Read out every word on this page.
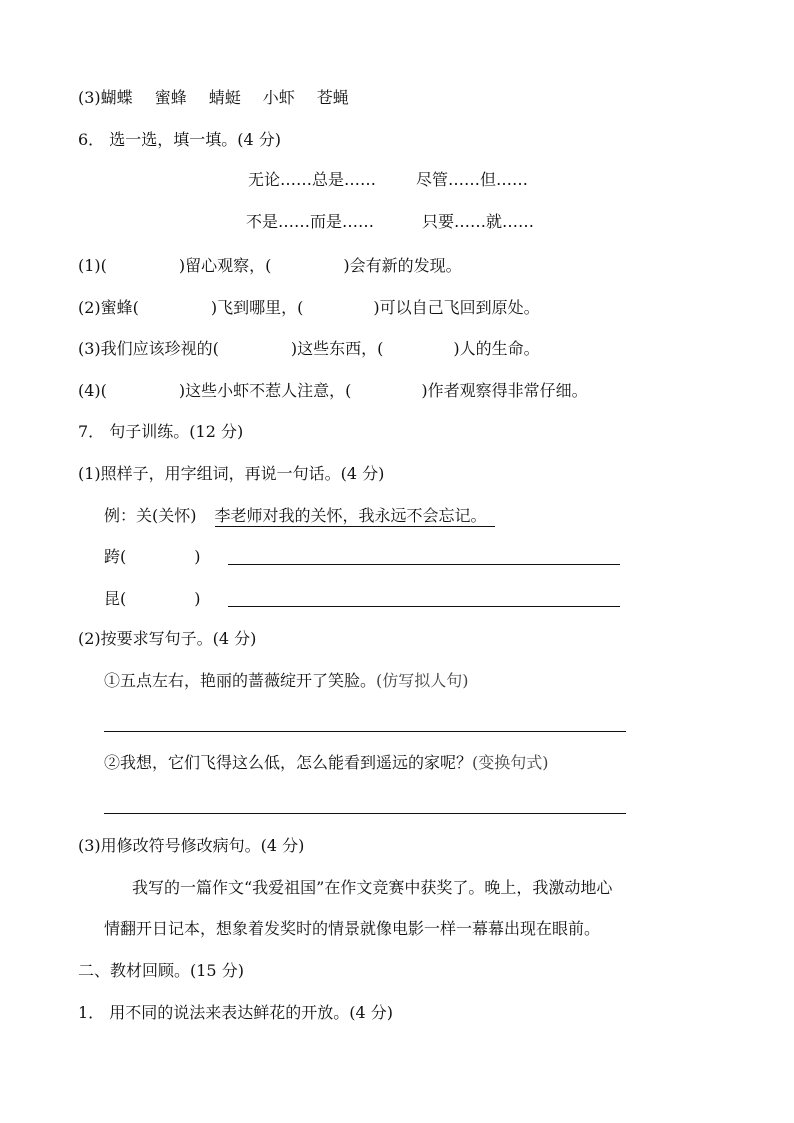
(3)蝴蝶 蜜蜂 蜻蜓 小虾 苍蝇
6． 选一选，填一填。(4 分)
无论……总是…… 尽管……但……
不是……而是……	只要……就……
(1)(	)留心观察，(	)会有新的发现。
(2)蜜蜂(	)飞到哪里，(	)可以自己飞回到原处。
(3)我们应该珍视的(	)这些东西，(	)人的生命。
(4)(	)这些小虾不惹人注意，(	)作者观察得非常仔细。
7． 句子训练。(12 分)
(1)照样子，用字组词，再说一句话。(4 分)
例：关(关怀) 李老师对我的关怀，我永远不会忘记。
跨(	)
昆(	)
(2)按要求写句子。(4 分)
①五点左右，艳丽的蔷薇绽开了笑脸。(仿写拟人句)
②我想，它们飞得这么低，怎么能看到遥远的家呢？(变换句式)
(3)用修改符号修改病句。(4 分)
我写的一篇作文“我爱祖国”在作文竞赛中获奖了。晚上，我激动地心
情翻开日记本，想象着发奖时的情景就像电影一样一幕幕出现在眼前。
二、教材回顾。(15 分)
1． 用不同的说法来表达鲜花的开放。(4 分)
